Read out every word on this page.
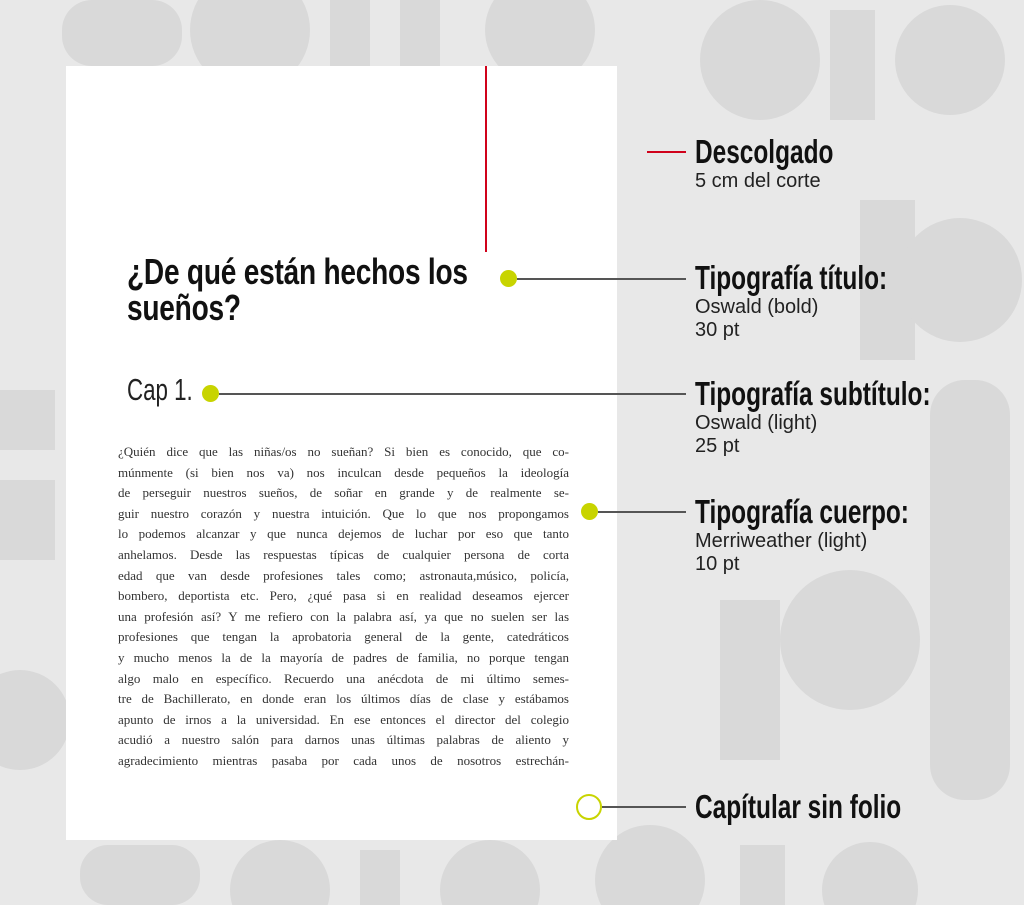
¿De qué están hechos los sueños?
Cap 1.
¿Quién dice que las niñas/os no sueñan? Si bien es conocido, que co-
múnmente (si bien nos va) nos inculcan desde pequeños la ideología
de perseguir nuestros sueños, de soñar en grande y de realmente se-
guir nuestro corazón y nuestra intuición. Que lo que nos propongamos
lo podemos alcanzar y que nunca dejemos de luchar por eso que tanto
anhelamos. Desde las respuestas típicas de cualquier persona de corta
edad que van desde profesiones tales como; astronauta,músico, policía,
bombero, deportista etc. Pero, ¿qué pasa si en realidad deseamos ejercer
una profesión así? Y me refiero con la palabra así, ya que no suelen ser las
profesiones que tengan la aprobatoria general de la gente, catedráticos
y mucho menos la de la mayoría de padres de familia, no porque tengan
algo malo en específico. Recuerdo una anécdota de mi último semes-
tre de Bachillerato, en donde eran los últimos días de clase y estábamos
apunto de irnos a la universidad. En ese entonces el director del colegio
acudió a nuestro salón para darnos unas últimas palabras de aliento y
agradecimiento mientras pasaba por cada unos de nosotros estrechán-
Descolgado
5 cm del corte
Tipografía título:
Oswald (bold)
30 pt
Tipografía subtítulo:
Oswald (light)
25 pt
Tipografía cuerpo:
Merriweather (light)
10 pt
Capítular sin folio
